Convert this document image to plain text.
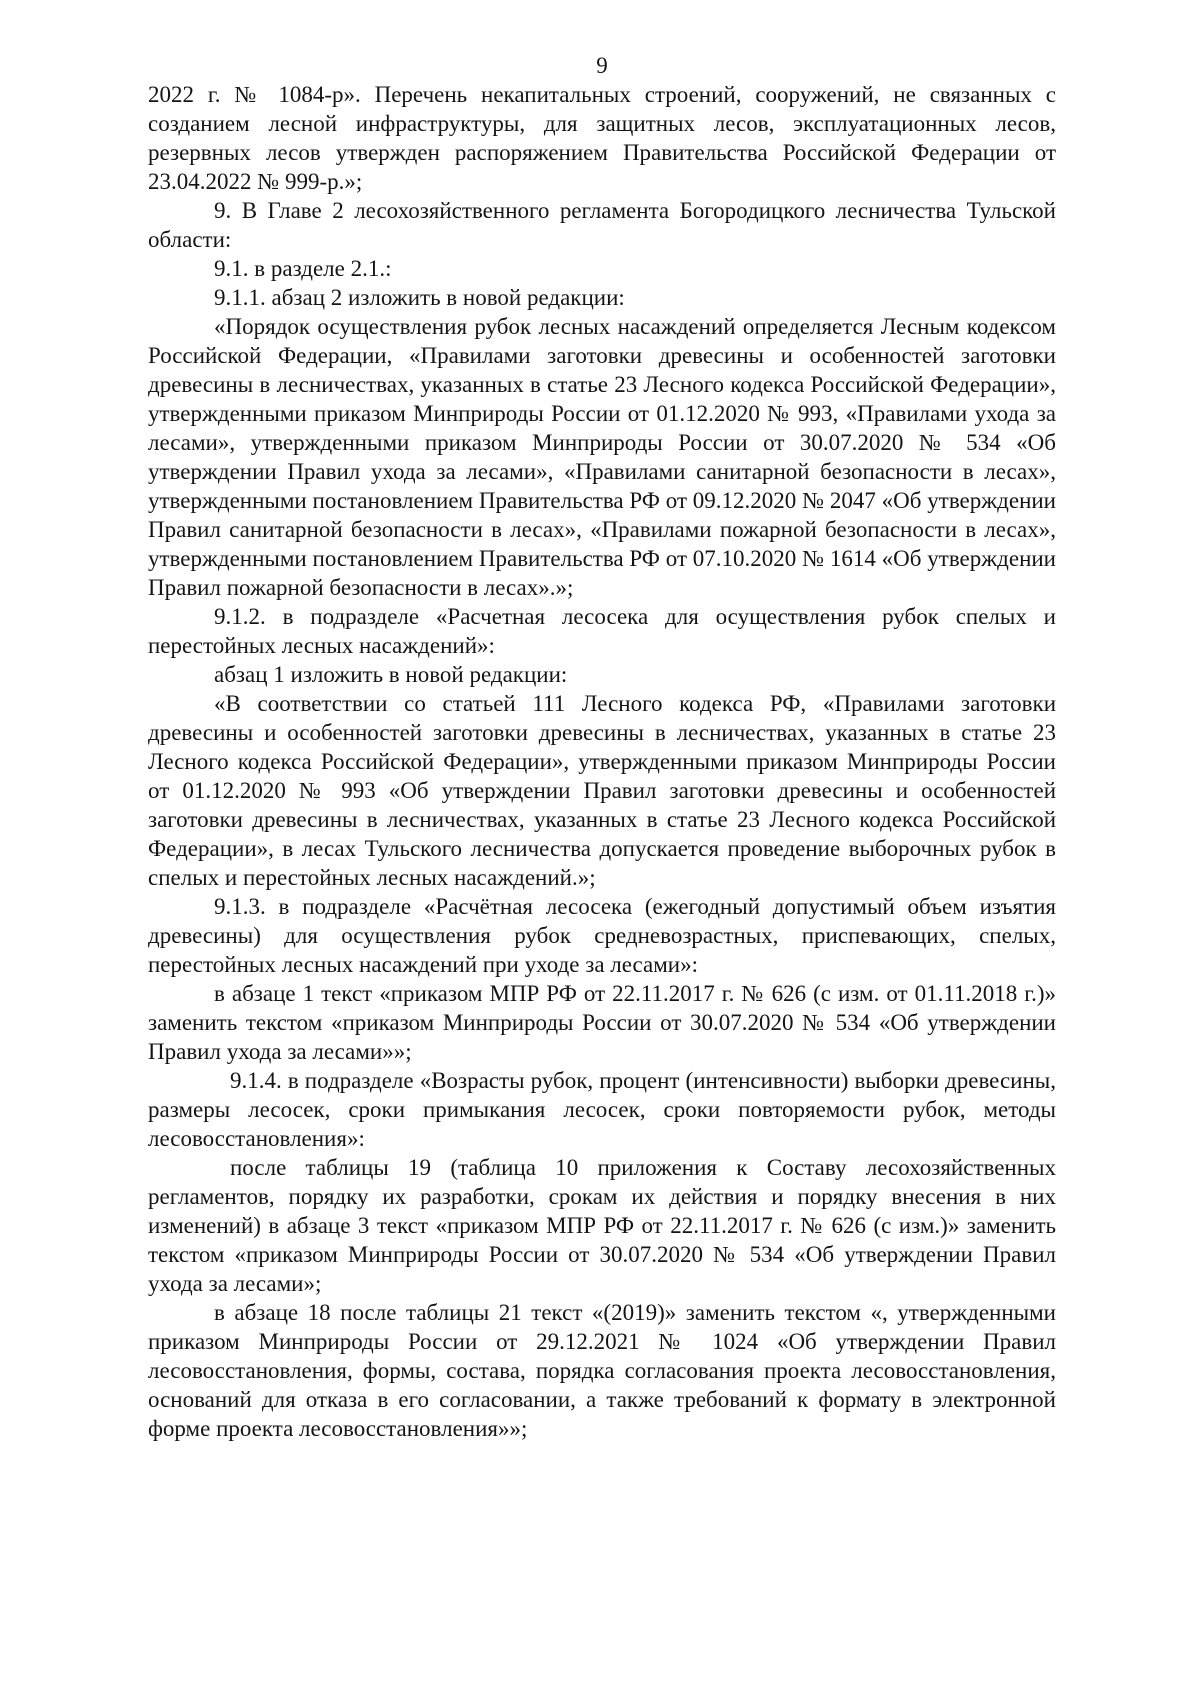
9

2022 г. № 1084-р». Перечень некапитальных строений, сооружений, не связанных с созданием лесной инфраструктуры, для защитных лесов, эксплуатационных лесов, резервных лесов утвержден распоряжением Правительства Российской Федерации от 23.04.2022 № 999-р.»;

9. В Главе 2 лесохозяйственного регламента Богородицкого лесничества Тульской области:

9.1. в разделе 2.1.:

9.1.1. абзац 2 изложить в новой редакции:

«Порядок осуществления рубок лесных насаждений определяется Лесным кодексом Российской Федерации, «Правилами заготовки древесины и особенностей заготовки древесины в лесничествах, указанных в статье 23 Лесного кодекса Российской Федерации», утвержденными приказом Минприроды России от 01.12.2020 № 993, «Правилами ухода за лесами», утвержденными приказом Минприроды России от 30.07.2020 № 534 «Об утверждении Правил ухода за лесами», «Правилами санитарной безопасности в лесах», утвержденными постановлением Правительства РФ от 09.12.2020 № 2047 «Об утверждении Правил санитарной безопасности в лесах», «Правилами пожарной безопасности в лесах», утвержденными постановлением Правительства РФ от 07.10.2020 № 1614 «Об утверждении Правил пожарной безопасности в лесах».»;

9.1.2. в подразделе «Расчетная лесосека для осуществления рубок спелых и перестойных лесных насаждений»:

абзац 1 изложить в новой редакции:

«В соответствии со статьей 111 Лесного кодекса РФ, «Правилами заготовки древесины и особенностей заготовки древесины в лесничествах, указанных в статье 23 Лесного кодекса Российской Федерации», утвержденными приказом Минприроды России от 01.12.2020 № 993 «Об утверждении Правил заготовки древесины и особенностей заготовки древесины в лесничествах, указанных в статье 23 Лесного кодекса Российской Федерации», в лесах Тульского лесничества допускается проведение выборочных рубок в спелых и перестойных лесных насаждений.»;

9.1.3. в подразделе «Расчётная лесосека (ежегодный допустимый объем изъятия древесины) для осуществления рубок средневозрастных, приспевающих, спелых, перестойных лесных насаждений при уходе за лесами»:

в абзаце 1 текст «приказом МПР РФ от 22.11.2017 г. № 626 (с изм. от 01.11.2018 г.)» заменить текстом «приказом Минприроды России от 30.07.2020 № 534 «Об утверждении Правил ухода за лесами»»;

9.1.4. в подразделе «Возрасты рубок, процент (интенсивности) выборки древесины, размеры лесосек, сроки примыкания лесосек, сроки повторяемости рубок, методы лесовосстановления»:

после таблицы 19 (таблица 10 приложения к Составу лесохозяйственных регламентов, порядку их разработки, срокам их действия и порядку внесения в них изменений) в абзаце 3 текст «приказом МПР РФ от 22.11.2017 г. № 626 (с изм.)» заменить текстом «приказом Минприроды России от 30.07.2020 № 534 «Об утверждении Правил ухода за лесами»;

в абзаце 18 после таблицы 21 текст «(2019)» заменить текстом «, утвержденными приказом Минприроды России от 29.12.2021 № 1024 «Об утверждении Правил лесовосстановления, формы, состава, порядка согласования проекта лесовосстановления, оснований для отказа в его согласовании, а также требований к формату в электронной форме проекта лесовосстановления»»;
